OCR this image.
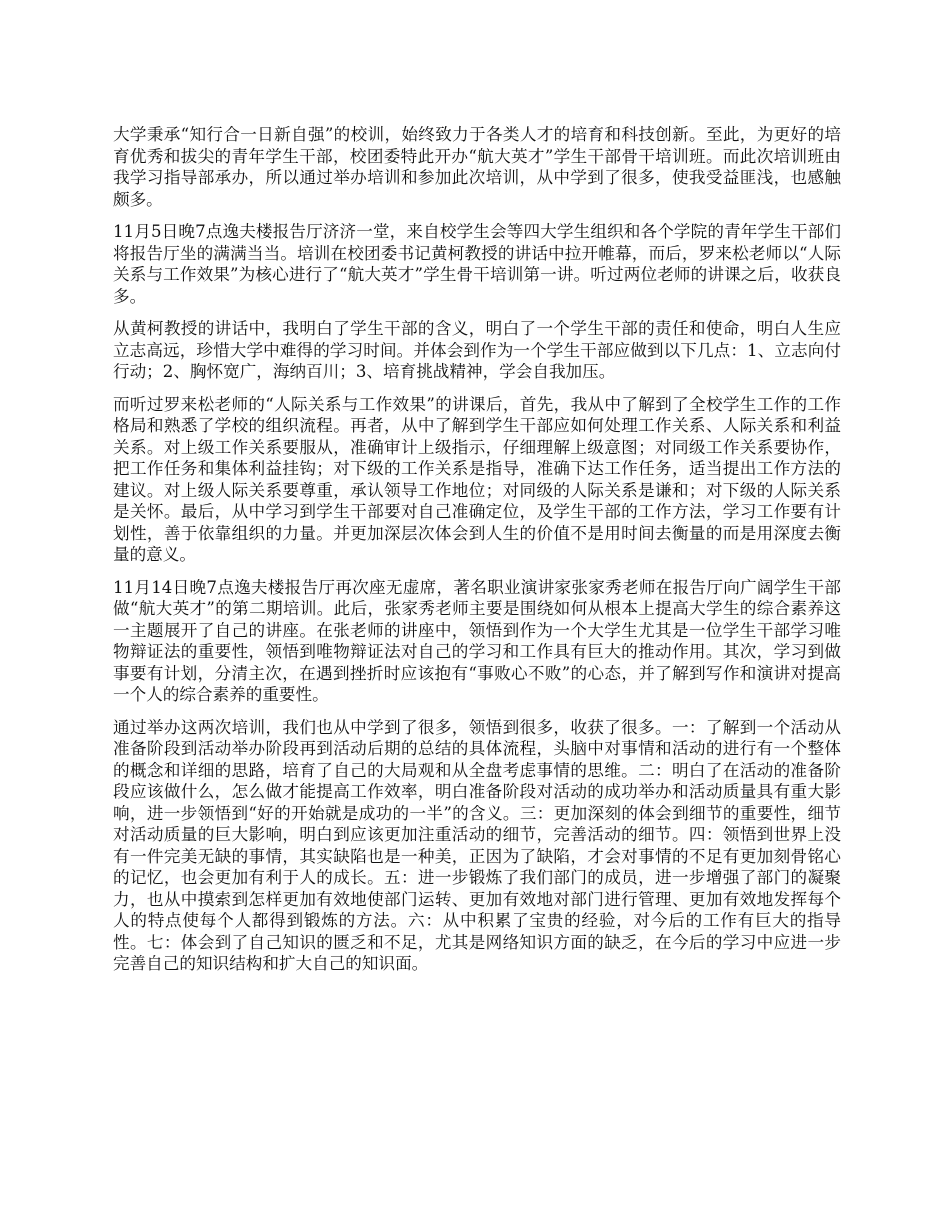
大学秉承“知行合一日新自强”的校训，始终致力于各类人才的培育和科技创新。至此，为更好的培育优秀和拔尖的青年学生干部，校团委特此开办“航大英才”学生干部骨干培训班。而此次培训班由我学习指导部承办，所以通过举办培训和参加此次培训，从中学到了很多，使我受益匪浅，也感触颇多。

11月5日晚7点逸夫楼报告厅济济一堂，来自校学生会等四大学生组织和各个学院的青年学生干部们将报告厅坐的满满当当。培训在校团委书记黄柯教授的讲话中拉开帷幕，而后，罗来松老师以“人际关系与工作效果”为核心进行了“航大英才”学生骨干培训第一讲。听过两位老师的讲课之后，收获良多。

从黄柯教授的讲话中，我明白了学生干部的含义，明白了一个学生干部的责任和使命，明白人生应立志高远，珍惜大学中难得的学习时间。并体会到作为一个学生干部应做到以下几点：1、立志向付行动；2、胸怀宽广，海纳百川；3、培育挑战精神，学会自我加压。

而听过罗来松老师的“人际关系与工作效果”的讲课后，首先，我从中了解到了全校学生工作的工作格局和熟悉了学校的组织流程。再者，从中了解到学生干部应如何处理工作关系、人际关系和利益关系。对上级工作关系要服从，准确审计上级指示，仔细理解上级意图；对同级工作关系要协作，把工作任务和集体利益挂钩；对下级的工作关系是指导，准确下达工作任务，适当提出工作方法的建议。对上级人际关系要尊重，承认领导工作地位；对同级的人际关系是谦和；对下级的人际关系是关怀。最后，从中学习到学生干部要对自己准确定位，及学生干部的工作方法，学习工作要有计划性，善于依靠组织的力量。并更加深层次体会到人生的价值不是用时间去衡量的而是用深度去衡量的意义。

11月14日晚7点逸夫楼报告厅再次座无虚席，著名职业演讲家张家秀老师在报告厅向广阔学生干部做“航大英才”的第二期培训。此后，张家秀老师主要是围绕如何从根本上提高大学生的综合素养这一主题展开了自己的讲座。在张老师的讲座中，领悟到作为一个大学生尤其是一位学生干部学习唯物辩证法的重要性，领悟到唯物辩证法对自己的学习和工作具有巨大的推动作用。其次，学习到做事要有计划，分清主次，在遇到挫折时应该抱有“事败心不败”的心态，并了解到写作和演讲对提高一个人的综合素养的重要性。

通过举办这两次培训，我们也从中学到了很多，领悟到很多，收获了很多。一：了解到一个活动从准备阶段到活动举办阶段再到活动后期的总结的具体流程，头脑中对事情和活动的进行有一个整体的概念和详细的思路，培育了自己的大局观和从全盘考虑事情的思维。二：明白了在活动的准备阶段应该做什么，怎么做才能提高工作效率，明白准备阶段对活动的成功举办和活动质量具有重大影响，进一步领悟到“好的开始就是成功的一半”的含义。三：更加深刻的体会到细节的重要性，细节对活动质量的巨大影响，明白到应该更加注重活动的细节，完善活动的细节。四：领悟到世界上没有一件完美无缺的事情，其实缺陷也是一种美，正因为了缺陷，才会对事情的不足有更加刻骨铭心的记忆，也会更加有利于人的成长。五：进一步锻炼了我们部门的成员，进一步增强了部门的凝聚力，也从中摸索到怎样更加有效地使部门运转、更加有效地对部门进行管理、更加有效地发挥每个人的特点使每个人都得到锻炼的方法。六：从中积累了宝贵的经验，对今后的工作有巨大的指导性。七：体会到了自己知识的匮乏和不足，尤其是网络知识方面的缺乏，在今后的学习中应进一步完善自己的知识结构和扩大自己的知识面。
